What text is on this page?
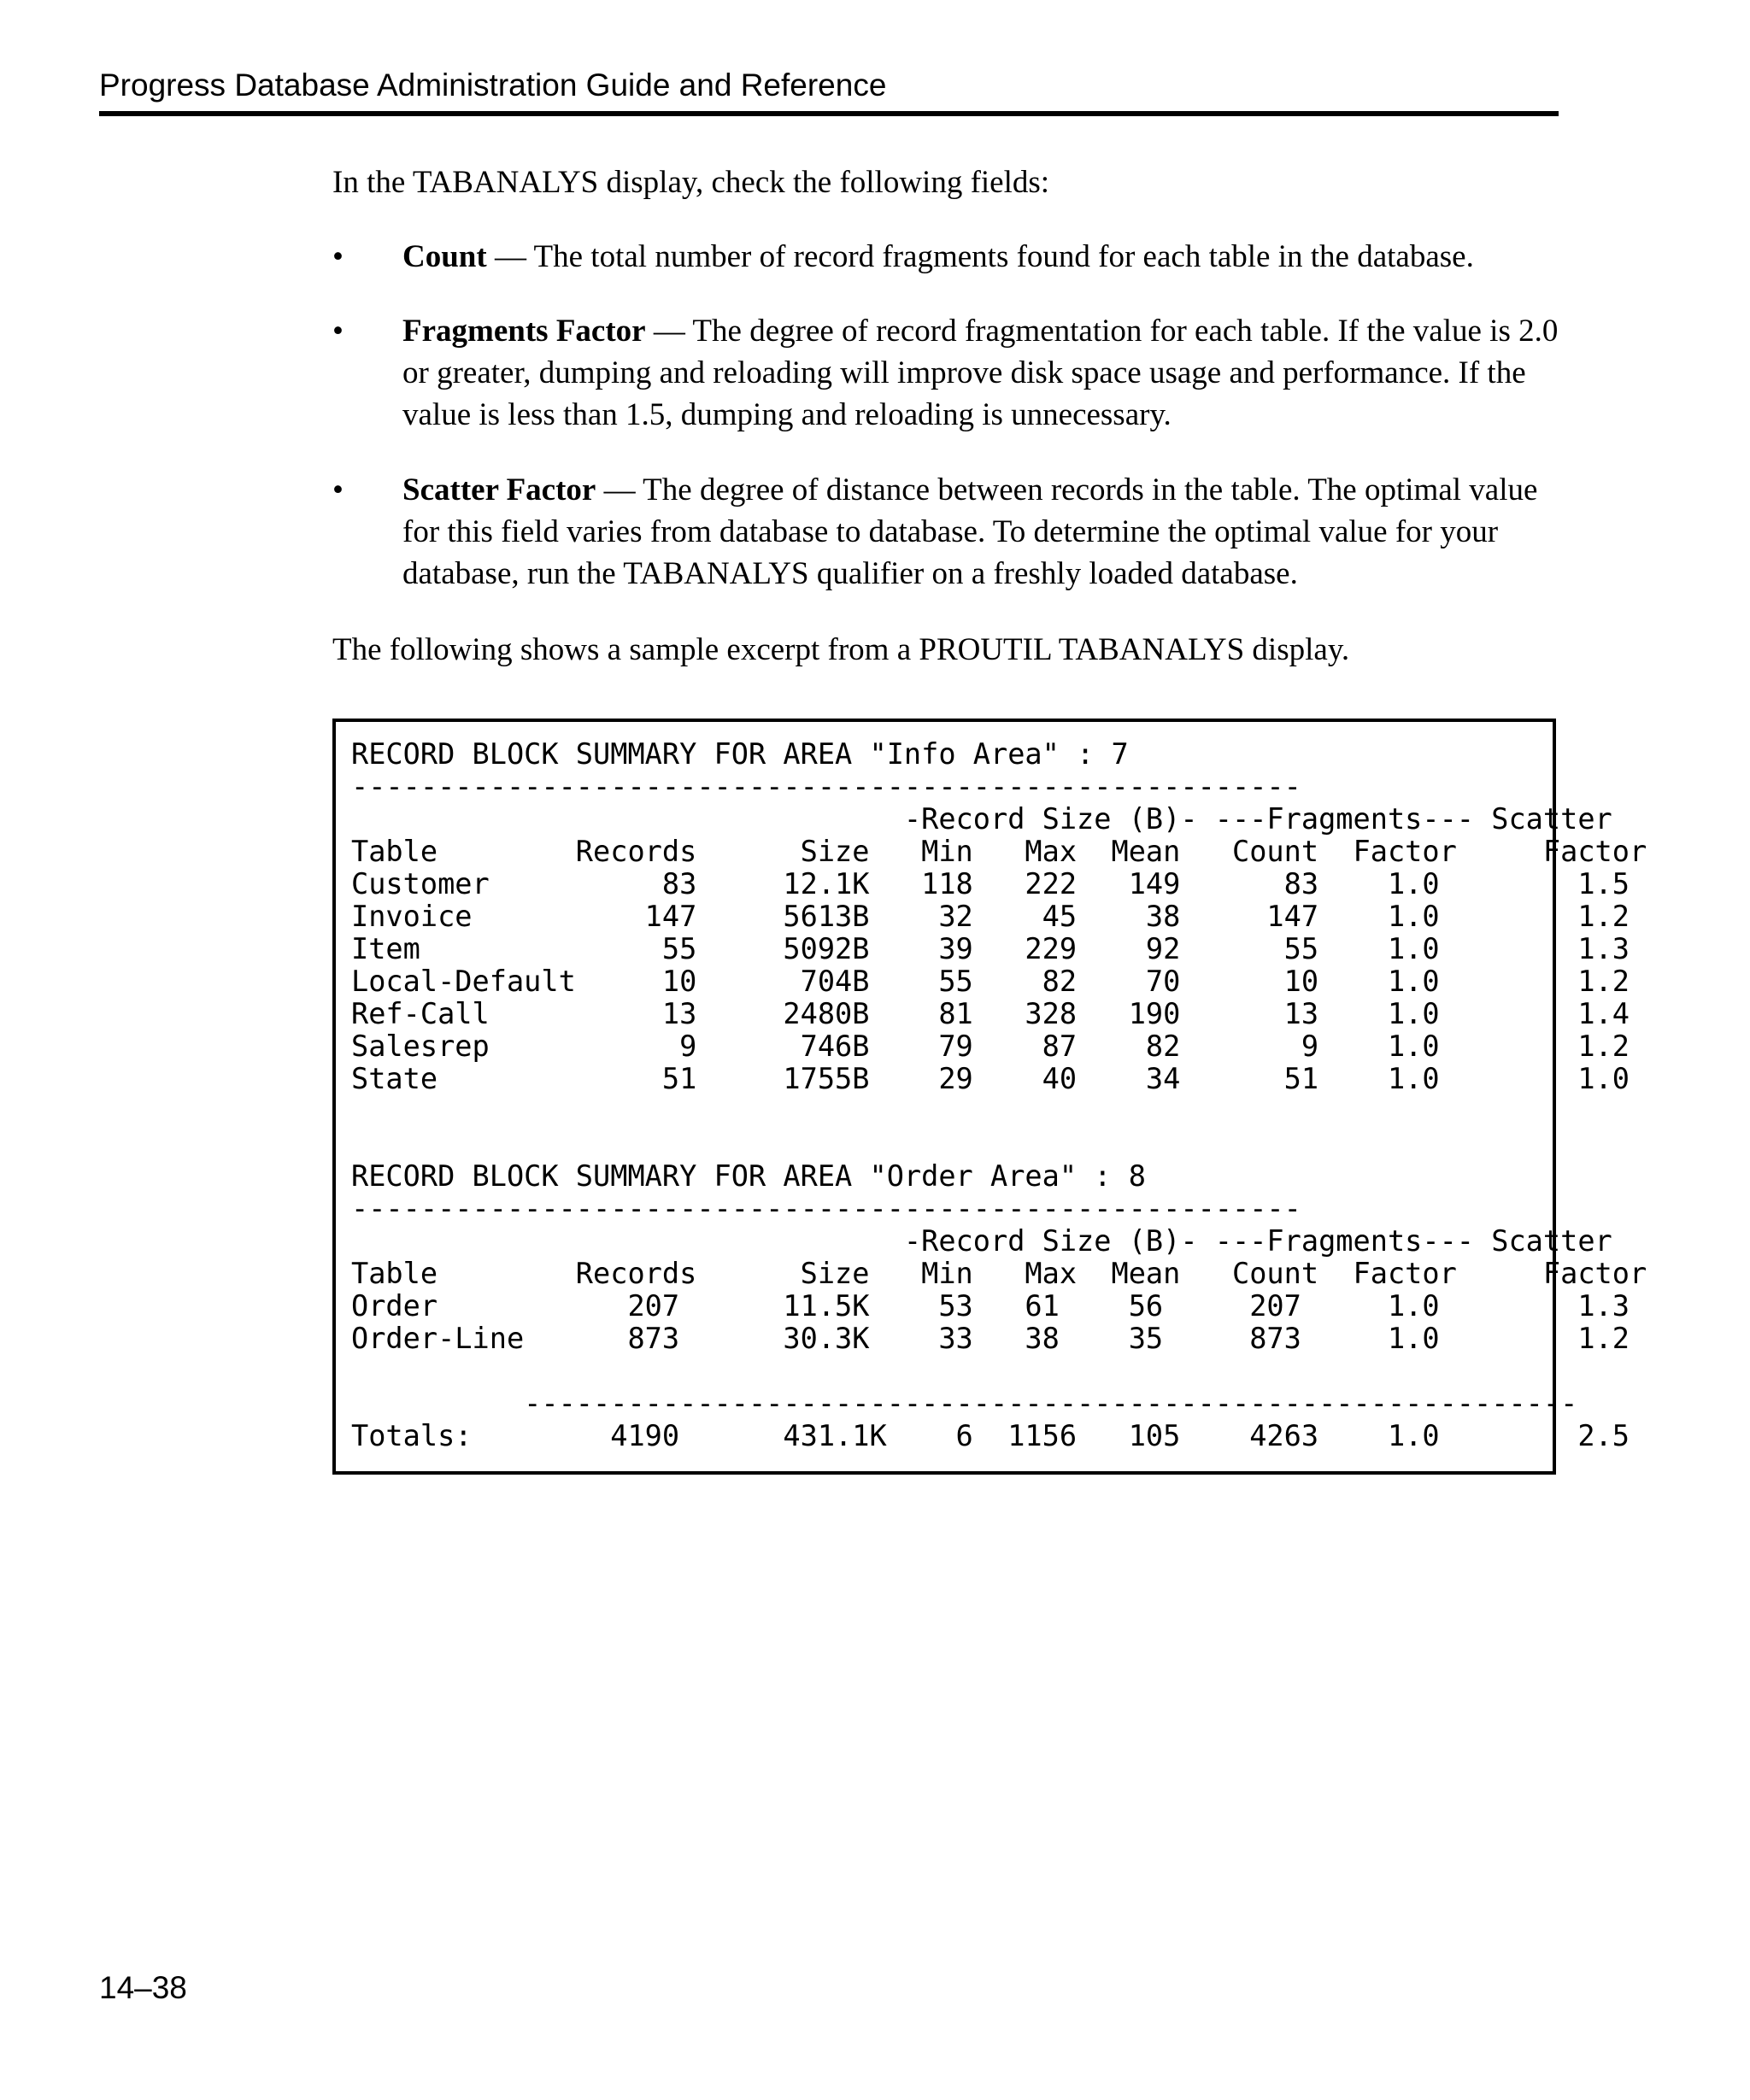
Progress Database Administration Guide and Reference
In the TABANALYS display, check the following fields:
•	Count — The total number of record fragments found for each table in the database.
•	Fragments Factor — The degree of record fragmentation for each table. If the value is 2.0 or greater, dumping and reloading will improve disk space usage and performance. If the value is less than 1.5, dumping and reloading is unnecessary.
•	Scatter Factor — The degree of distance between records in the table. The optimal value for this field varies from database to database. To determine the optimal value for your database, run the TABANALYS qualifier on a freshly loaded database.
The following shows a sample excerpt from a PROUTIL TABANALYS display.
RECORD BLOCK SUMMARY FOR AREA "Info Area" : 7
-------------------------------------------------------
-Record Size (B)- ---Fragments--- Scatter
Table        Records      Size   Min   Max  Mean   Count  Factor     Factor
Customer          83     12.1K   118   222   149      83    1.0        1.5
Invoice          147     5613B    32    45    38     147    1.0        1.2
Item              55     5092B    39   229    92      55    1.0        1.3
Local-Default     10      704B    55    82    70      10    1.0        1.2
Ref-Call          13     2480B    81   328   190      13    1.0        1.4
Salesrep           9      746B    79    87    82       9    1.0        1.2
State             51     1755B    29    40    34      51    1.0        1.0

RECORD BLOCK SUMMARY FOR AREA "Order Area" : 8
-------------------------------------------------------
-Record Size (B)- ---Fragments--- Scatter
Table        Records      Size   Min   Max  Mean   Count  Factor     Factor
Order           207      11.5K    53   61    56     207     1.0        1.3
Order-Line      873      30.3K    33   38    35     873     1.0        1.2

-------------------------------------------------------------
Totals:        4190      431.1K    6  1156   105    4263    1.0        2.5
14–38
